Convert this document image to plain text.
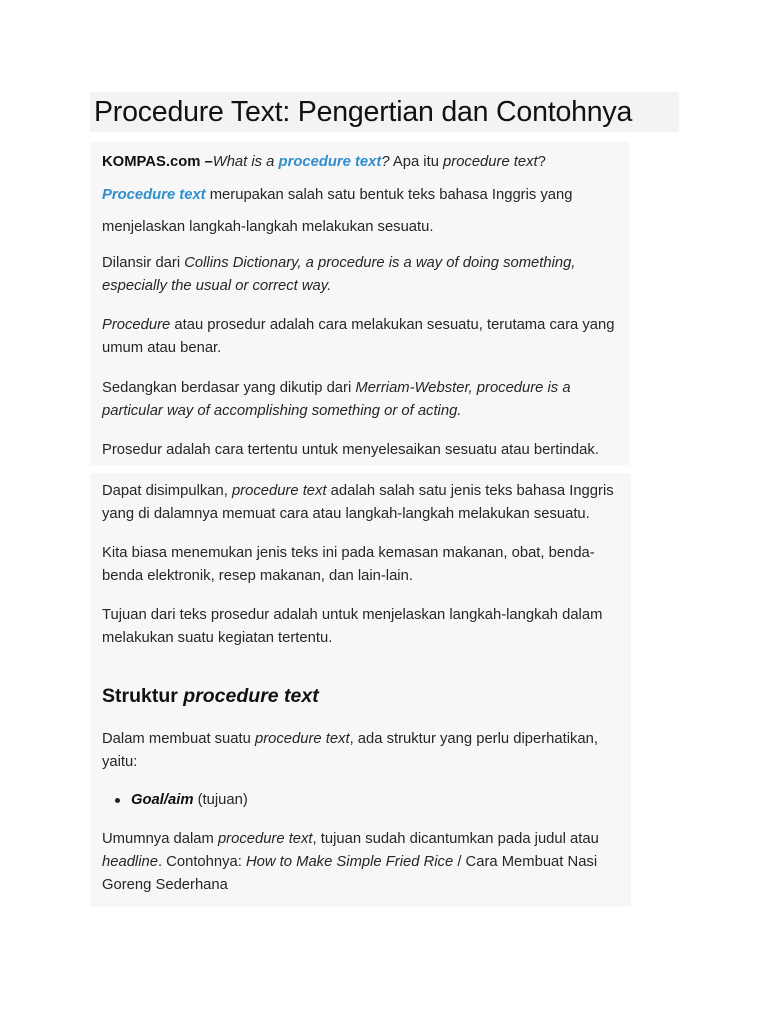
Procedure Text: Pengertian dan Contohnya

KOMPAS.com –What is a procedure text? Apa itu procedure text? Procedure text merupakan salah satu bentuk teks bahasa Inggris yang menjelaskan langkah-langkah melakukan sesuatu.

Dilansir dari Collins Dictionary, a procedure is a way of doing something, especially the usual or correct way.

Procedure atau prosedur adalah cara melakukan sesuatu, terutama cara yang umum atau benar.

Sedangkan berdasar yang dikutip dari Merriam-Webster, procedure is a particular way of accomplishing something or of acting.

Prosedur adalah cara tertentu untuk menyelesaikan sesuatu atau bertindak.

Dapat disimpulkan, procedure text adalah salah satu jenis teks bahasa Inggris yang di dalamnya memuat cara atau langkah-langkah melakukan sesuatu.

Kita biasa menemukan jenis teks ini pada kemasan makanan, obat, benda-benda elektronik, resep makanan, dan lain-lain.

Tujuan dari teks prosedur adalah untuk menjelaskan langkah-langkah dalam melakukan suatu kegiatan tertentu.

Struktur procedure text

Dalam membuat suatu procedure text, ada struktur yang perlu diperhatikan, yaitu:

Goal/aim (tujuan)

Umumnya dalam procedure text, tujuan sudah dicantumkan pada judul atau headline. Contohnya: How to Make Simple Fried Rice / Cara Membuat Nasi Goreng Sederhana
